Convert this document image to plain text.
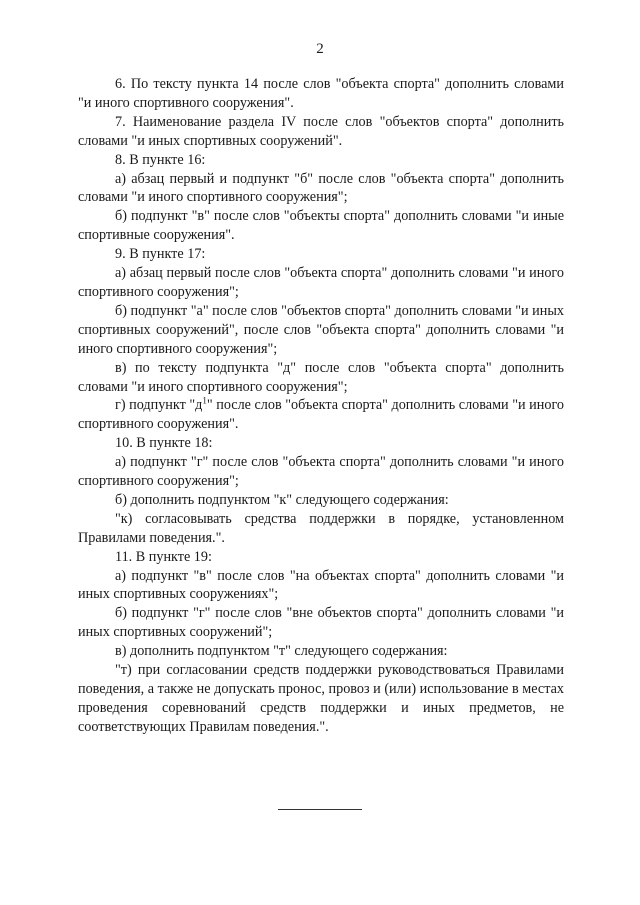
2

6. По тексту пункта 14 после слов "объекта спорта" дополнить словами "и иного спортивного сооружения".

7. Наименование раздела IV после слов "объектов спорта" дополнить словами "и иных спортивных сооружений".

8. В пункте 16:

а) абзац первый и подпункт "б" после слов "объекта спорта" дополнить словами "и иного спортивного сооружения";

б) подпункт "в" после слов "объекты спорта" дополнить словами "и иные спортивные сооружения".

9. В пункте 17:

а) абзац первый после слов "объекта спорта" дополнить словами "и иного спортивного сооружения";

б) подпункт "а" после слов "объектов спорта" дополнить словами "и иных спортивных сооружений", после слов "объекта спорта" дополнить словами "и иного спортивного сооружения";

в) по тексту подпункта "д" после слов "объекта спорта" дополнить словами "и иного спортивного сооружения";

г) подпункт "$д^1$" после слов "объекта спорта" дополнить словами "и иного спортивного сооружения".

10. В пункте 18:

а) подпункт "г" после слов "объекта спорта" дополнить словами "и иного спортивного сооружения";

б) дополнить подпунктом "к" следующего содержания:

"к) согласовывать средства поддержки в порядке, установленном Правилами поведения.".

11. В пункте 19:

а) подпункт "в" после слов "на объектах спорта" дополнить словами "и иных спортивных сооружениях";

б) подпункт "г" после слов "вне объектов спорта" дополнить словами "и иных спортивных сооружений";

в) дополнить подпунктом "т" следующего содержания:

"т) при согласовании средств поддержки руководствоваться Правилами поведения, а также не допускать пронос, провоз и (или) использование в местах проведения соревнований средств поддержки и иных предметов, не соответствующих Правилам поведения.".
